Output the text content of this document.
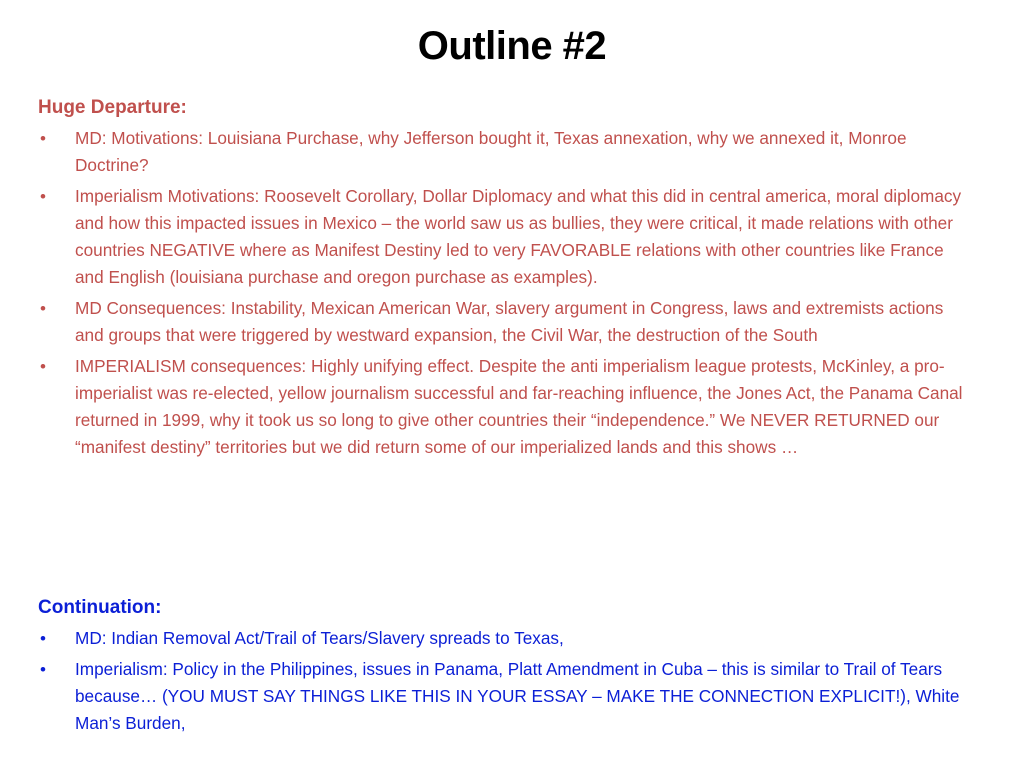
Outline #2
Huge Departure:
• MD: Motivations: Louisiana Purchase, why Jefferson bought it, Texas annexation, why we annexed it, Monroe Doctrine?
• Imperialism Motivations: Roosevelt Corollary, Dollar Diplomacy and what this did in central america, moral diplomacy and how this impacted issues in Mexico – the world saw us as bullies, they were critical, it made relations with other countries NEGATIVE where as Manifest Destiny led to very FAVORABLE relations with other countries like France and English (louisiana purchase and oregon purchase as examples).
• MD Consequences: Instability, Mexican American War, slavery argument in Congress, laws and extremists actions and groups that were triggered by westward expansion, the Civil War, the destruction of the South
• IMPERIALISM consequences: Highly unifying effect. Despite the anti imperialism league protests, McKinley, a pro-imperialist was re-elected, yellow journalism successful and far-reaching influence, the Jones Act, the Panama Canal returned in 1999, why it took us so long to give other countries their “independence.” We NEVER RETURNED our “manifest destiny” territories but we did return some of our imperialized lands and this shows …
Continuation:
• MD: Indian Removal Act/Trail of Tears/Slavery spreads to Texas,
• Imperialism: Policy in the Philippines, issues in Panama, Platt Amendment in Cuba – this is similar to Trail of Tears because… (YOU MUST SAY THINGS LIKE THIS IN YOUR ESSAY – MAKE THE CONNECTION EXPLICIT!), White Man’s Burden,
